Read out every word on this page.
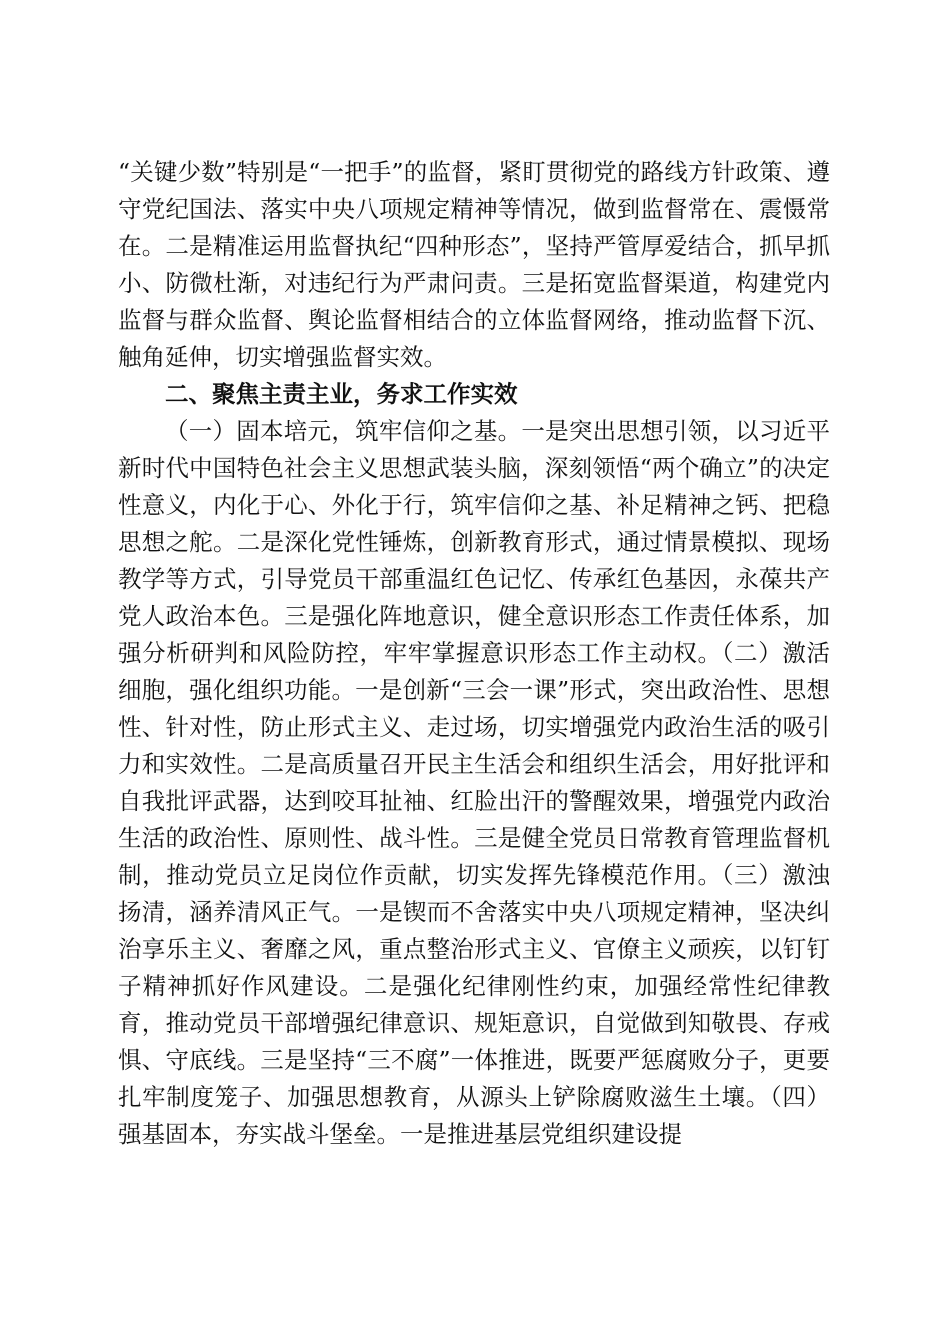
“关键少数”特别是“一把手”的监督，紧盯贯彻党的路线方针政策、遵守党纪国法、落实中央八项规定精神等情况，做到监督常在、震慑常在。二是精准运用监督执纪“四种形态”，坚持严管厚爱结合，抓早抓小、防微杜渐，对违纪行为严肃问责。三是拓宽监督渠道，构建党内监督与群众监督、舆论监督相结合的立体监督网络，推动监督下沉、触角延伸，切实增强监督实效。

二、聚焦主责主业，务求工作实效

（一）固本培元，筑牢信仰之基。一是突出思想引领，以习近平新时代中国特色社会主义思想武装头脑，深刻领悟“两个确立”的决定性意义，内化于心、外化于行，筑牢信仰之基、补足精神之钙、把稳思想之舵。二是深化党性锤炼，创新教育形式，通过情景模拟、现场教学等方式，引导党员干部重温红色记忆、传承红色基因，永葆共产党人政治本色。三是强化阵地意识，健全意识形态工作责任体系，加强分析研判和风险防控，牢牢掌握意识形态工作主动权。（二）激活细胞，强化组织功能。一是创新“三会一课”形式，突出政治性、思想性、针对性，防止形式主义、走过场，切实增强党内政治生活的吸引力和实效性。二是高质量召开民主生活会和组织生活会，用好批评和自我批评武器，达到咬耳扯袖、红脸出汗的警醒效果，增强党内政治生活的政治性、原则性、战斗性。三是健全党员日常教育管理监督机制，推动党员立足岗位作贡献，切实发挥先锋模范作用。（三）激浊扬清，涵养清风正气。一是锲而不舍落实中央八项规定精神，坚决纠治享乐主义、奢靡之风，重点整治形式主义、官僚主义顽疾，以钉钉子精神抓好作风建设。二是强化纪律刚性约束，加强经常性纪律教育，推动党员干部增强纪律意识、规矩意识，自觉做到知敬畏、存戒惧、守底线。三是坚持“三不腐”一体推进，既要严惩腐败分子，更要扎牢制度笼子、加强思想教育，从源头上铲除腐败滋生土壤。（四）强基固本，夯实战斗堡垒。一是推进基层党组织建设提
